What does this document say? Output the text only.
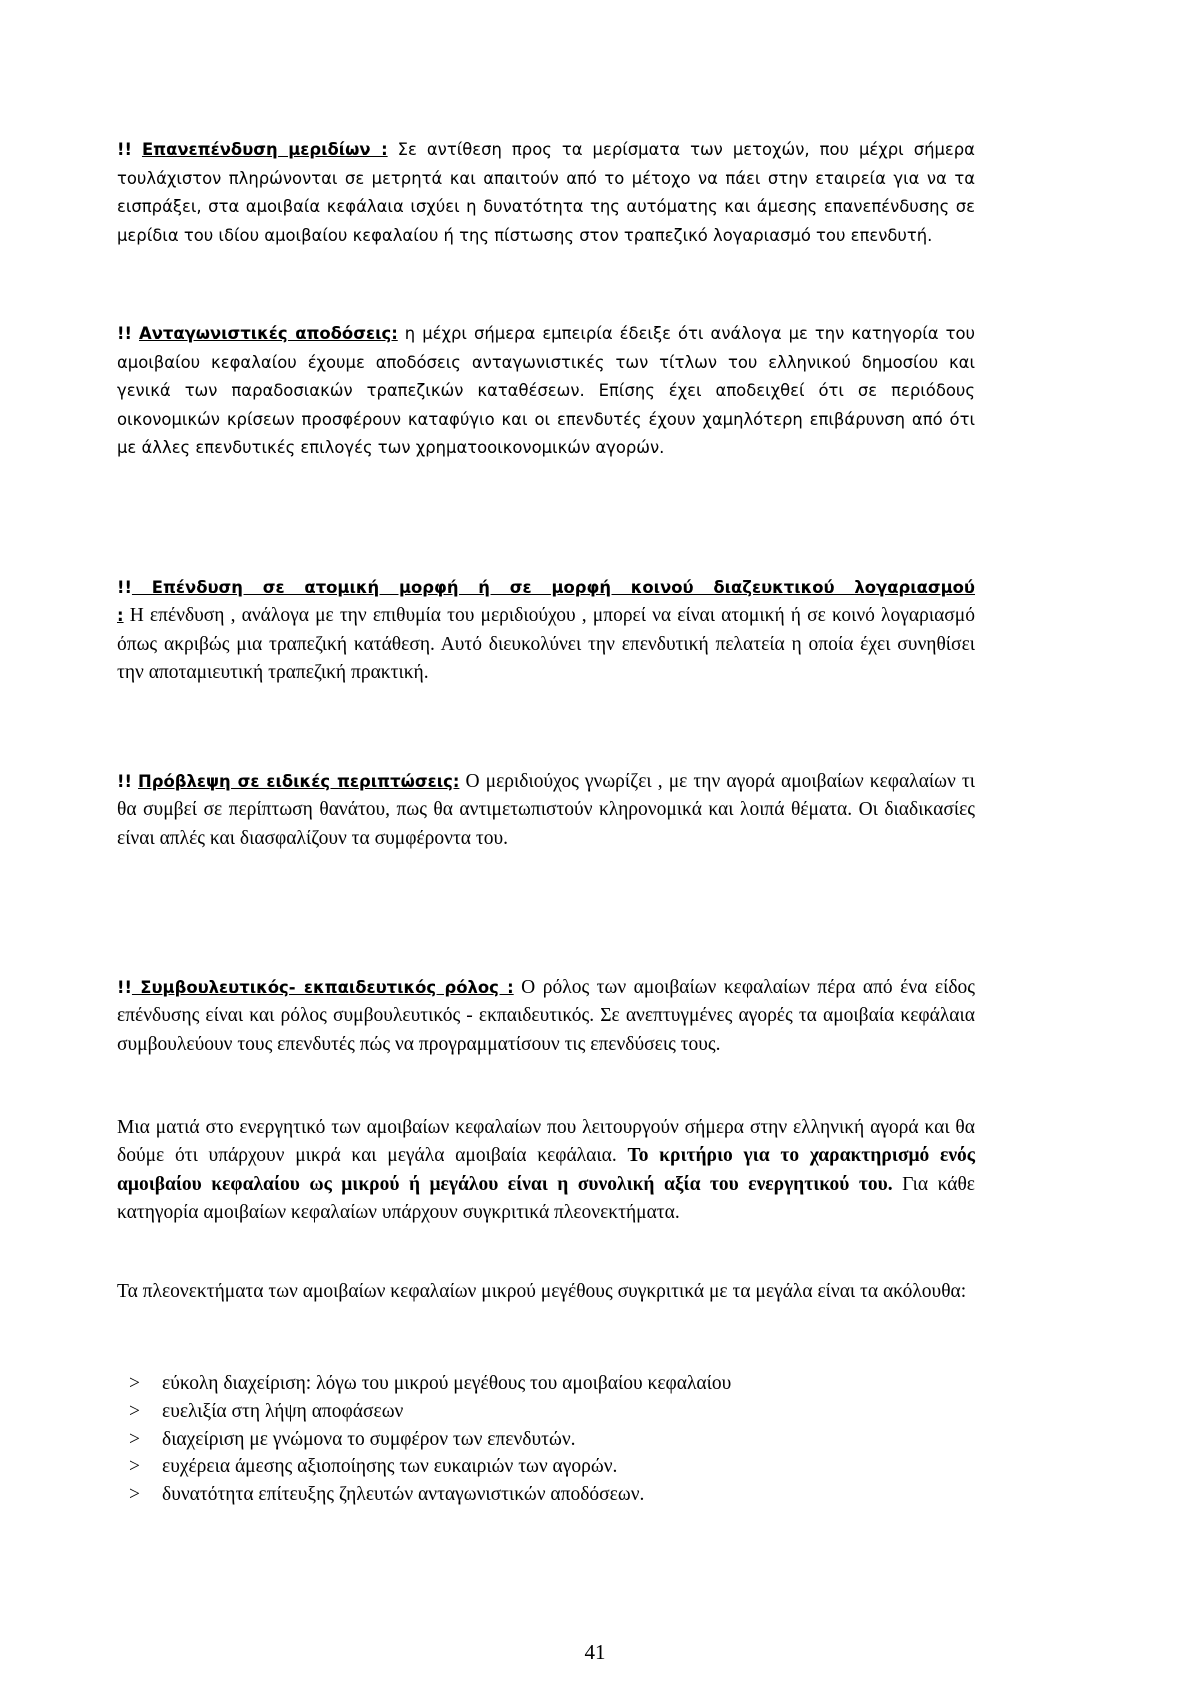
!! Επανεπένδυση μεριδίων : Σε αντίθεση προς τα μερίσματα των μετοχών, που μέχρι σήμερα τουλάχιστον πληρώνονται σε μετρητά και απαιτούν από το μέτοχο να πάει στην εταιρεία για να τα εισπράξει, στα αμοιβαία κεφάλαια ισχύει η δυνατότητα της αυτόματης και άμεσης επανεπένδυσης σε μερίδια του ιδίου αμοιβαίου κεφαλαίου ή της πίστωσης στον τραπεζικό λογαριασμό του επενδυτή.

!! Ανταγωνιστικές αποδόσεις: η μέχρι σήμερα εμπειρία έδειξε ότι ανάλογα με την κατηγορία του αμοιβαίου κεφαλαίου έχουμε αποδόσεις ανταγωνιστικές των τίτλων του ελληνικού δημοσίου και γενικά των παραδοσιακών τραπεζικών καταθέσεων. Επίσης έχει αποδειχθεί ότι σε περιόδους οικονομικών κρίσεων προσφέρουν καταφύγιο και οι επενδυτές έχουν χαμηλότερη επιβάρυνση από ότι με άλλες επενδυτικές επιλογές των χρηματοοικονομικών αγορών.

!! Επένδυση σε ατομική μορφή ή σε μορφή κοινού διαζευκτικού λογαριασμού : Η επένδυση , ανάλογα με την επιθυμία του μεριδιούχου , μπορεί να είναι ατομική ή σε κοινό λογαριασμό όπως ακριβώς μια τραπεζική κατάθεση. Αυτό διευκολύνει την επενδυτική πελατεία η οποία έχει συνηθίσει την αποταμιευτική τραπεζική πρακτική.

!! Πρόβλεψη σε ειδικές περιπτώσεις: Ο μεριδιούχος γνωρίζει , με την αγορά αμοιβαίων κεφαλαίων τι θα συμβεί σε περίπτωση θανάτου, πως θα αντιμετωπιστούν κληρονομικά και λοιπά θέματα. Οι διαδικασίες είναι απλές και διασφαλίζουν τα συμφέροντα του.

!! Συμβουλευτικός- εκπαιδευτικός ρόλος : Ο ρόλος των αμοιβαίων κεφαλαίων πέρα από ένα είδος επένδυσης είναι και ρόλος συμβουλευτικός - εκπαιδευτικός. Σε ανεπτυγμένες αγορές τα αμοιβαία κεφάλαια συμβουλεύουν τους επενδυτές πώς να προγραμματίσουν τις επενδύσεις τους.

Μια ματιά στο ενεργητικό των αμοιβαίων κεφαλαίων που λειτουργούν σήμερα στην ελληνική αγορά και θα δούμε ότι υπάρχουν μικρά και μεγάλα αμοιβαία κεφάλαια. Το κριτήριο για το χαρακτηρισμό ενός αμοιβαίου κεφαλαίου ως μικρού ή μεγάλου είναι η συνολική αξία του ενεργητικού του. Για κάθε κατηγορία αμοιβαίων κεφαλαίων υπάρχουν συγκριτικά πλεονεκτήματα.

Τα πλεονεκτήματα των αμοιβαίων κεφαλαίων μικρού μεγέθους συγκριτικά με τα μεγάλα είναι τα ακόλουθα:

>	εύκολη διαχείριση: λόγω του μικρού μεγέθους του αμοιβαίου κεφαλαίου
>	ευελιξία στη λήψη αποφάσεων
>	διαχείριση με γνώμονα το συμφέρον των επενδυτών.
>	ευχέρεια άμεσης αξιοποίησης των ευκαιριών των αγορών.
>	δυνατότητα επίτευξης ζηλευτών ανταγωνιστικών αποδόσεων.
41
